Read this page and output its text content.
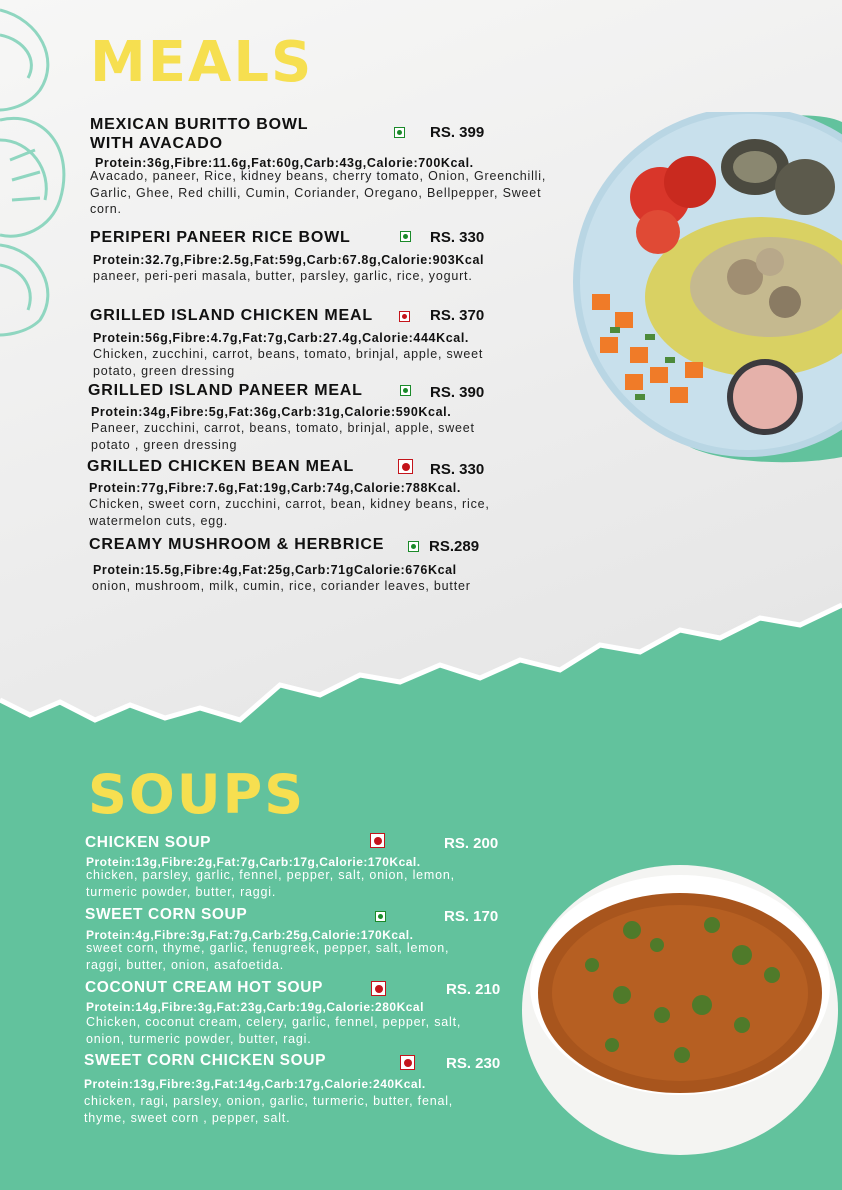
MEALS
MEXICAN BURITTO BOWL
WITH AVACADO
RS. 399
Protein:36g,Fibre:11.6g,Fat:60g,Carb:43g,Calorie:700Kcal.
Avacado, paneer, Rice, kidney beans, cherry tomato, Onion, Greenchilli, Garlic, Ghee, Red chilli, Cumin, Coriander, Oregano, Bellpepper, Sweet corn.
PERIPERI PANEER RICE BOWL	RS. 330
Protein:32.7g,Fibre:2.5g,Fat:59g,Carb:67.8g,Calorie:903Kcal
paneer, peri-peri masala, butter, parsley, garlic, rice, yogurt.
GRILLED ISLAND CHICKEN MEAL	RS. 370
Protein:56g,Fibre:4.7g,Fat:7g,Carb:27.4g,Calorie:444Kcal.
Chicken, zucchini, carrot, beans, tomato, brinjal, apple, sweet potato, green dressing
GRILLED ISLAND PANEER MEAL	RS. 390
Protein:34g,Fibre:5g,Fat:36g,Carb:31g,Calorie:590Kcal.
Paneer, zucchini, carrot, beans, tomato, brinjal, apple, sweet potato , green dressing
GRILLED CHICKEN BEAN MEAL	RS. 330
Protein:77g,Fibre:7.6g,Fat:19g,Carb:74g,Calorie:788Kcal.
Chicken, sweet corn, zucchini, carrot, bean, kidney beans, rice, watermelon cuts, egg.
CREAMY MUSHROOM & HERBRICE	RS.289
Protein:15.5g,Fibre:4g,Fat:25g,Carb:71gCalorie:676Kcal
onion, mushroom, milk, cumin, rice, coriander leaves, butter
SOUPS
CHICKEN SOUP	RS. 200
Protein:13g,Fibre:2g,Fat:7g,Carb:17g,Calorie:170Kcal.
chicken, parsley, garlic, fennel, pepper, salt, onion, lemon, turmeric powder, butter, raggi.
SWEET CORN SOUP	RS. 170
Protein:4g,Fibre:3g,Fat:7g,Carb:25g,Calorie:170Kcal.
sweet corn, thyme, garlic, fenugreek, pepper, salt, lemon, raggi, butter, onion, asafoetida.
COCONUT CREAM HOT SOUP	RS. 210
Protein:14g,Fibre:3g,Fat:23g,Carb:19g,Calorie:280Kcal
Chicken, coconut cream, celery, garlic, fennel, pepper, salt, onion, turmeric powder, butter, ragi.
SWEET CORN CHICKEN SOUP	RS. 230
Protein:13g,Fibre:3g,Fat:14g,Carb:17g,Calorie:240Kcal.
chicken, ragi, parsley, onion, garlic, turmeric, butter, fenal, thyme, sweet corn , pepper, salt.
